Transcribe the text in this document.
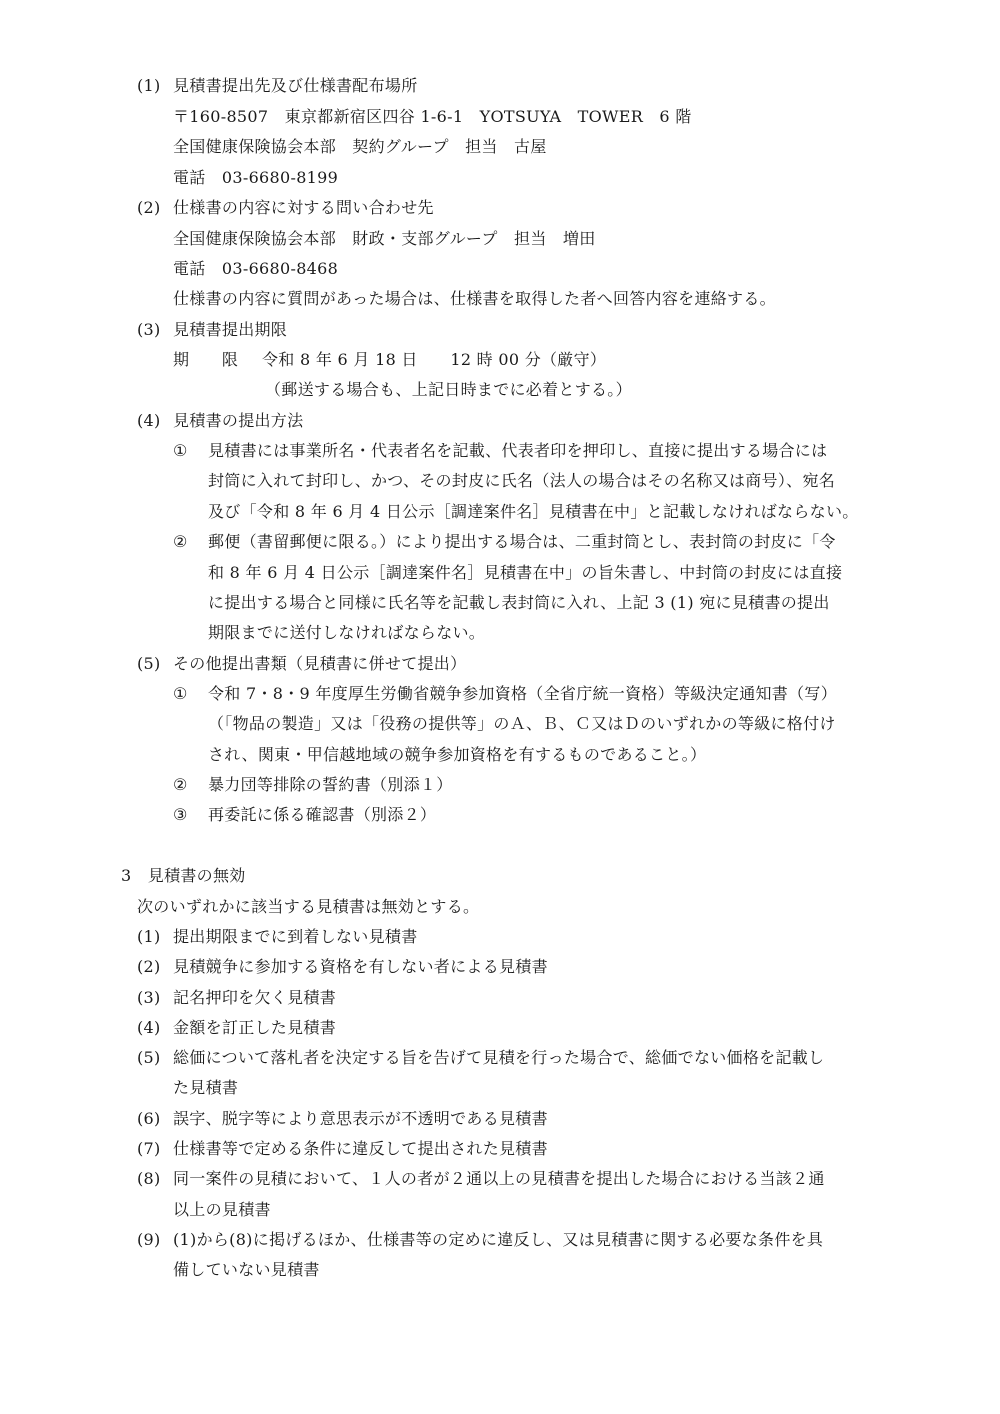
(1) 見積書提出先及び仕様書配布場所
〒160-8507　東京都新宿区四谷 1-6-1　YOTSUYA　TOWER　6 階
全国健康保険協会本部　契約グループ　担当　古屋
電話　03-6680-8199
(2) 仕様書の内容に対する問い合わせ先
全国健康保険協会本部　財政・支部グループ　担当　増田
電話　03-6680-8468
仕様書の内容に質問があった場合は、仕様書を取得した者へ回答内容を連絡する。
(3) 見積書提出期限
期　　限 令和 8 年 6 月 18 日　　12 時 00 分（厳守）
（郵送する場合も、上記日時までに必着とする。）
(4) 見積書の提出方法
① 見積書には事業所名・代表者名を記載、代表者印を押印し、直接に提出する場合には
封筒に入れて封印し、かつ、その封皮に氏名（法人の場合はその名称又は商号）、宛名
及び「令和 8 年 6 月 4 日公示［調達案件名］見積書在中」と記載しなければならない。
② 郵便（書留郵便に限る。）により提出する場合は、二重封筒とし、表封筒の封皮に「令
和 8 年 6 月 4 日公示［調達案件名］見積書在中」の旨朱書し、中封筒の封皮には直接
に提出する場合と同様に氏名等を記載し表封筒に入れ、上記 3 (1) 宛に見積書の提出
期限までに送付しなければならない。
(5) その他提出書類（見積書に併せて提出）
① 令和 7・8・9 年度厚生労働省競争参加資格（全省庁統一資格）等級決定通知書（写）
（「物品の製造」又は「役務の提供等」のＡ、Ｂ、Ｃ又はＤのいずれかの等級に格付け
され、関東・甲信越地域の競争参加資格を有するものであること。）
② 暴力団等排除の誓約書（別添１）
③ 再委託に係る確認書（別添２）
3　見積書の無効
次のいずれかに該当する見積書は無効とする。
(1) 提出期限までに到着しない見積書
(2) 見積競争に参加する資格を有しない者による見積書
(3) 記名押印を欠く見積書
(4) 金額を訂正した見積書
(5) 総価について落札者を決定する旨を告げて見積を行った場合で、総価でない価格を記載し
た見積書
(6) 誤字、脱字等により意思表示が不透明である見積書
(7) 仕様書等で定める条件に違反して提出された見積書
(8) 同一案件の見積において、１人の者が２通以上の見積書を提出した場合における当該２通
以上の見積書
(9) (1)から(8)に掲げるほか、仕様書等の定めに違反し、又は見積書に関する必要な条件を具
備していない見積書
